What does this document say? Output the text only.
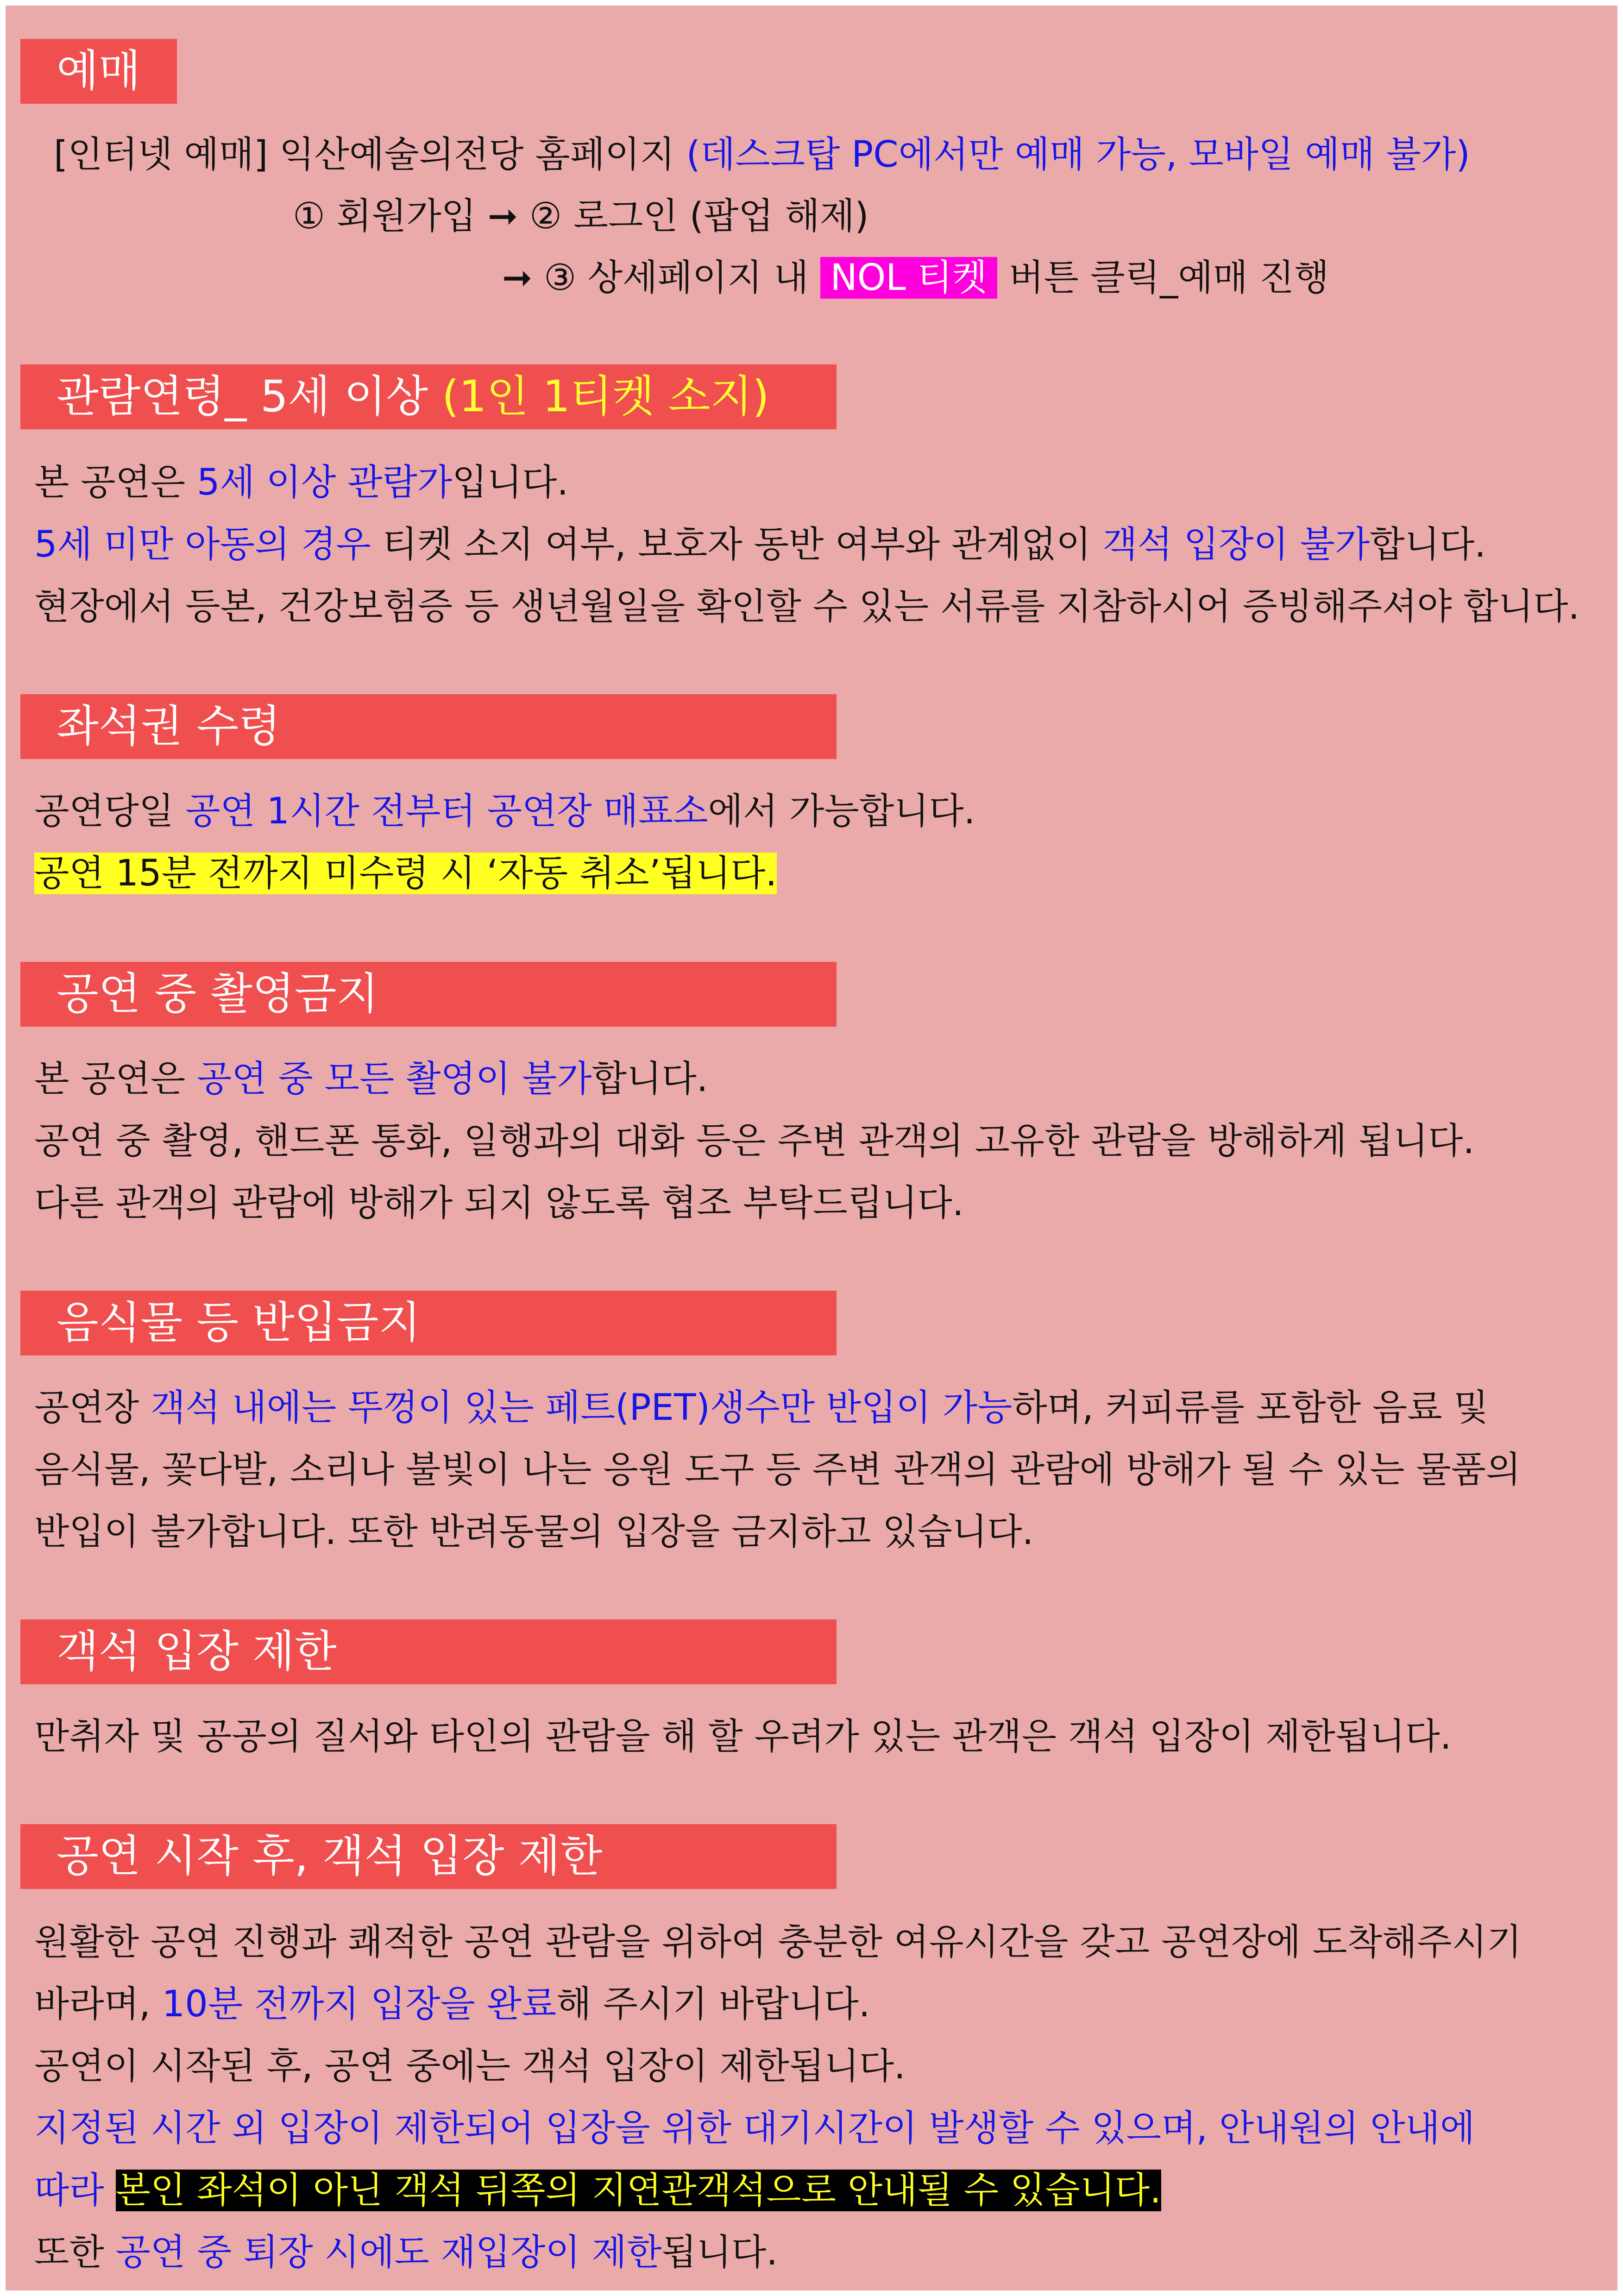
예매
[인터넷 예매] 익산예술의전당 홈페이지 (데스크탑 PC에서만 예매 가능, 모바일 예매 불가)
① 회원가입 ➞ ② 로그인 (팝업 해제)
➞ ③ 상세페이지 내 NOL 티켓 버튼 클릭_예매 진행
관람연령_ 5세 이상 (1인 1티켓 소지)
본 공연은 5세 이상 관람가입니다.
5세 미만 아동의 경우 티켓 소지 여부, 보호자 동반 여부와 관계없이 객석 입장이 불가합니다.
현장에서 등본, 건강보험증 등 생년월일을 확인할 수 있는 서류를 지참하시어 증빙해주셔야 합니다.
좌석권 수령
공연당일 공연 1시간 전부터 공연장 매표소에서 가능합니다.
공연 15분 전까지 미수령 시 ‘자동 취소’됩니다.
공연 중 촬영금지
본 공연은 공연 중 모든 촬영이 불가합니다.
공연 중 촬영, 핸드폰 통화, 일행과의 대화 등은 주변 관객의 고유한 관람을 방해하게 됩니다.
다른 관객의 관람에 방해가 되지 않도록 협조 부탁드립니다.
음식물 등 반입금지
공연장 객석 내에는 뚜껑이 있는 페트(PET)생수만 반입이 가능하며, 커피류를 포함한 음료 및
음식물, 꽃다발, 소리나 불빛이 나는 응원 도구 등 주변 관객의 관람에 방해가 될 수 있는 물품의
반입이 불가합니다. 또한 반려동물의 입장을 금지하고 있습니다.
객석 입장 제한
만취자 및 공공의 질서와 타인의 관람을 해 할 우려가 있는 관객은 객석 입장이 제한됩니다.
공연 시작 후, 객석 입장 제한
원활한 공연 진행과 쾌적한 공연 관람을 위하여 충분한 여유시간을 갖고 공연장에 도착해주시기
바라며, 10분 전까지 입장을 완료해 주시기 바랍니다.
공연이 시작된 후, 공연 중에는 객석 입장이 제한됩니다.
지정된 시간 외 입장이 제한되어 입장을 위한 대기시간이 발생할 수 있으며, 안내원의 안내에
따라 본인 좌석이 아닌 객석 뒤쪽의 지연관객석으로 안내될 수 있습니다.
또한 공연 중 퇴장 시에도 재입장이 제한됩니다.
